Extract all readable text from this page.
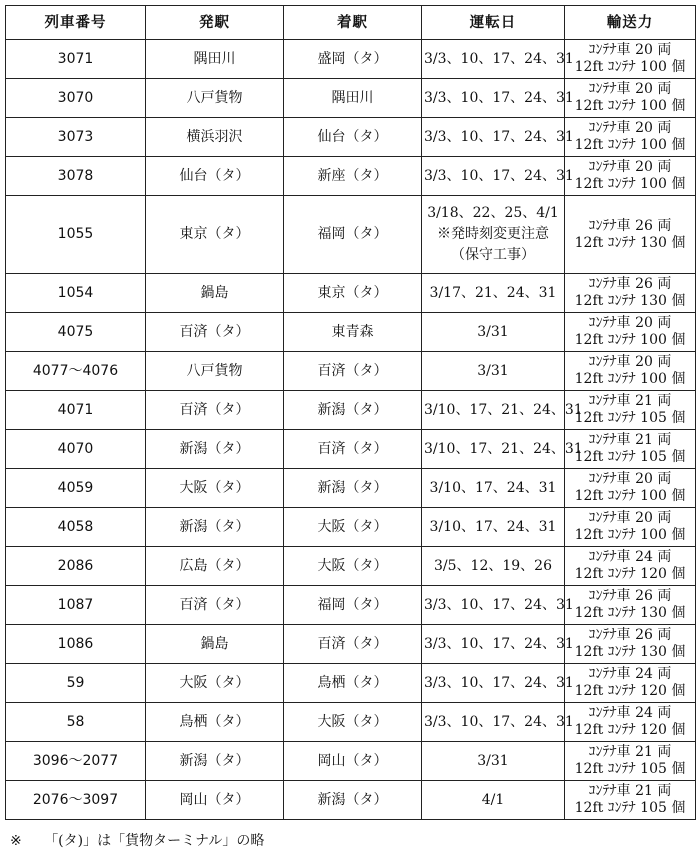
列車番号	発駅	着駅	運転日	輸送力
3071	隅田川	盛岡（タ）	3/3、10、17、24、31	ｺﾝﾃﾅ車 20 両
12ft ｺﾝﾃﾅ 100 個

3070	八戸貨物	隅田川	3/3、10、17、24、31	ｺﾝﾃﾅ車 20 両
12ft ｺﾝﾃﾅ 100 個

3073	横浜羽沢	仙台（タ）	3/3、10、17、24、31	ｺﾝﾃﾅ車 20 両
12ft ｺﾝﾃﾅ 100 個

3078	仙台（タ）	新座（タ）	3/3、10、17、24、31	ｺﾝﾃﾅ車 20 両
12ft ｺﾝﾃﾅ 100 個

1055	東京（タ）	福岡（タ）	3/18、22、25、4/1
※発時刻変更注意
（保守工事）	ｺﾝﾃﾅ車 26 両
12ft ｺﾝﾃﾅ 130 個

1054	鍋島	東京（タ）	3/17、21、24、31	ｺﾝﾃﾅ車 26 両
12ft ｺﾝﾃﾅ 130 個

4075	百済（タ）	東青森	3/31	ｺﾝﾃﾅ車 20 両
12ft ｺﾝﾃﾅ 100 個

4077～4076	八戸貨物	百済（タ）	3/31	ｺﾝﾃﾅ車 20 両
12ft ｺﾝﾃﾅ 100 個

4071	百済（タ）	新潟（タ）	3/10、17、21、24、31	ｺﾝﾃﾅ車 21 両
12ft ｺﾝﾃﾅ 105 個

4070	新潟（タ）	百済（タ）	3/10、17、21、24、31	ｺﾝﾃﾅ車 21 両
12ft ｺﾝﾃﾅ 105 個

4059	大阪（タ）	新潟（タ）	3/10、17、24、31	ｺﾝﾃﾅ車 20 両
12ft ｺﾝﾃﾅ 100 個

4058	新潟（タ）	大阪（タ）	3/10、17、24、31	ｺﾝﾃﾅ車 20 両
12ft ｺﾝﾃﾅ 100 個

2086	広島（タ）	大阪（タ）	3/5、12、19、26	ｺﾝﾃﾅ車 24 両
12ft ｺﾝﾃﾅ 120 個

1087	百済（タ）	福岡（タ）	3/3、10、17、24、31	ｺﾝﾃﾅ車 26 両
12ft ｺﾝﾃﾅ 130 個

1086	鍋島	百済（タ）	3/3、10、17、24、31	ｺﾝﾃﾅ車 26 両
12ft ｺﾝﾃﾅ 130 個

59	大阪（タ）	鳥栖（タ）	3/3、10、17、24、31	ｺﾝﾃﾅ車 24 両
12ft ｺﾝﾃﾅ 120 個

58	鳥栖（タ）	大阪（タ）	3/3、10、17、24、31	ｺﾝﾃﾅ車 24 両
12ft ｺﾝﾃﾅ 120 個

3096～2077	新潟（タ）	岡山（タ）	3/31	ｺﾝﾃﾅ車 21 両
12ft ｺﾝﾃﾅ 105 個

2076～3097	岡山（タ）	新潟（タ）	4/1	ｺﾝﾃﾅ車 21 両
12ft ｺﾝﾃﾅ 105 個
※ 「(タ)」は「貨物ターミナル」の略
